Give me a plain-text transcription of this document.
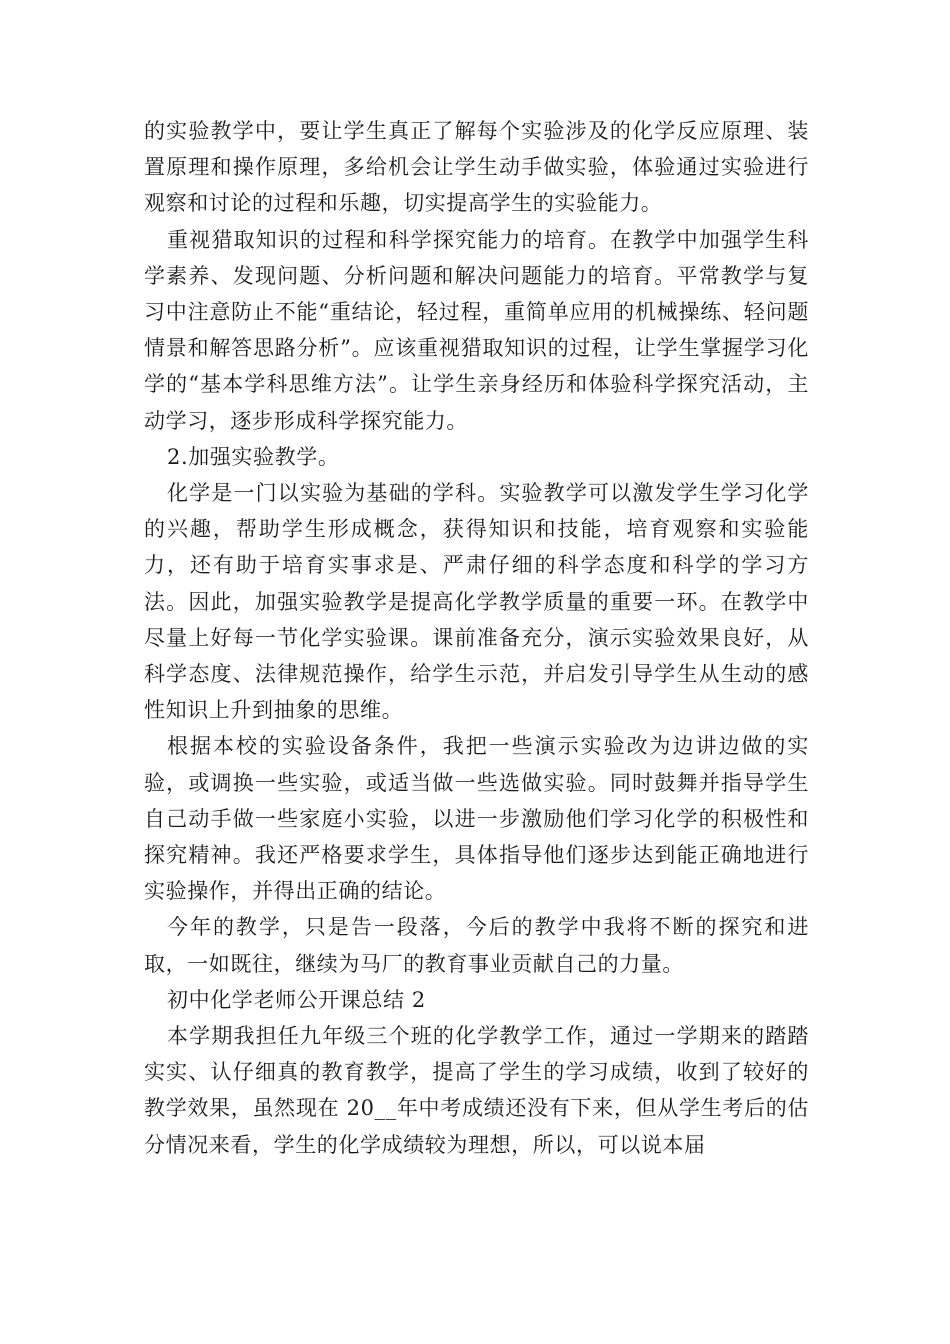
的实验教学中，要让学生真正了解每个实验涉及的化学反应原理、装置原理和操作原理，多给机会让学生动手做实验，体验通过实验进行观察和讨论的过程和乐趣，切实提高学生的实验能力。

重视猎取知识的过程和科学探究能力的培育。在教学中加强学生科学素养、发现问题、分析问题和解决问题能力的培育。平常教学与复习中注意防止不能“重结论，轻过程，重简单应用的机械操练、轻问题情景和解答思路分析”。应该重视猎取知识的过程，让学生掌握学习化学的“基本学科思维方法”。让学生亲身经历和体验科学探究活动，主动学习，逐步形成科学探究能力。

2.加强实验教学。

化学是一门以实验为基础的学科。实验教学可以激发学生学习化学的兴趣，帮助学生形成概念，获得知识和技能，培育观察和实验能力，还有助于培育实事求是、严肃仔细的科学态度和科学的学习方法。因此，加强实验教学是提高化学教学质量的重要一环。在教学中尽量上好每一节化学实验课。课前准备充分，演示实验效果良好，从科学态度、法律规范操作，给学生示范，并启发引导学生从生动的感性知识上升到抽象的思维。

根据本校的实验设备条件，我把一些演示实验改为边讲边做的实验，或调换一些实验，或适当做一些选做实验。同时鼓舞并指导学生自己动手做一些家庭小实验，以进一步激励他们学习化学的积极性和探究精神。我还严格要求学生，具体指导他们逐步达到能正确地进行实验操作，并得出正确的结论。

今年的教学，只是告一段落，今后的教学中我将不断的探究和进取，一如既往，继续为马厂的教育事业贡献自己的力量。

初中化学老师公开课总结 2

本学期我担任九年级三个班的化学教学工作，通过一学期来的踏踏实实、认仔细真的教育教学，提高了学生的学习成绩，收到了较好的教学效果，虽然现在 20__年中考成绩还没有下来，但从学生考后的估分情况来看，学生的化学成绩较为理想，所以，可以说本届
